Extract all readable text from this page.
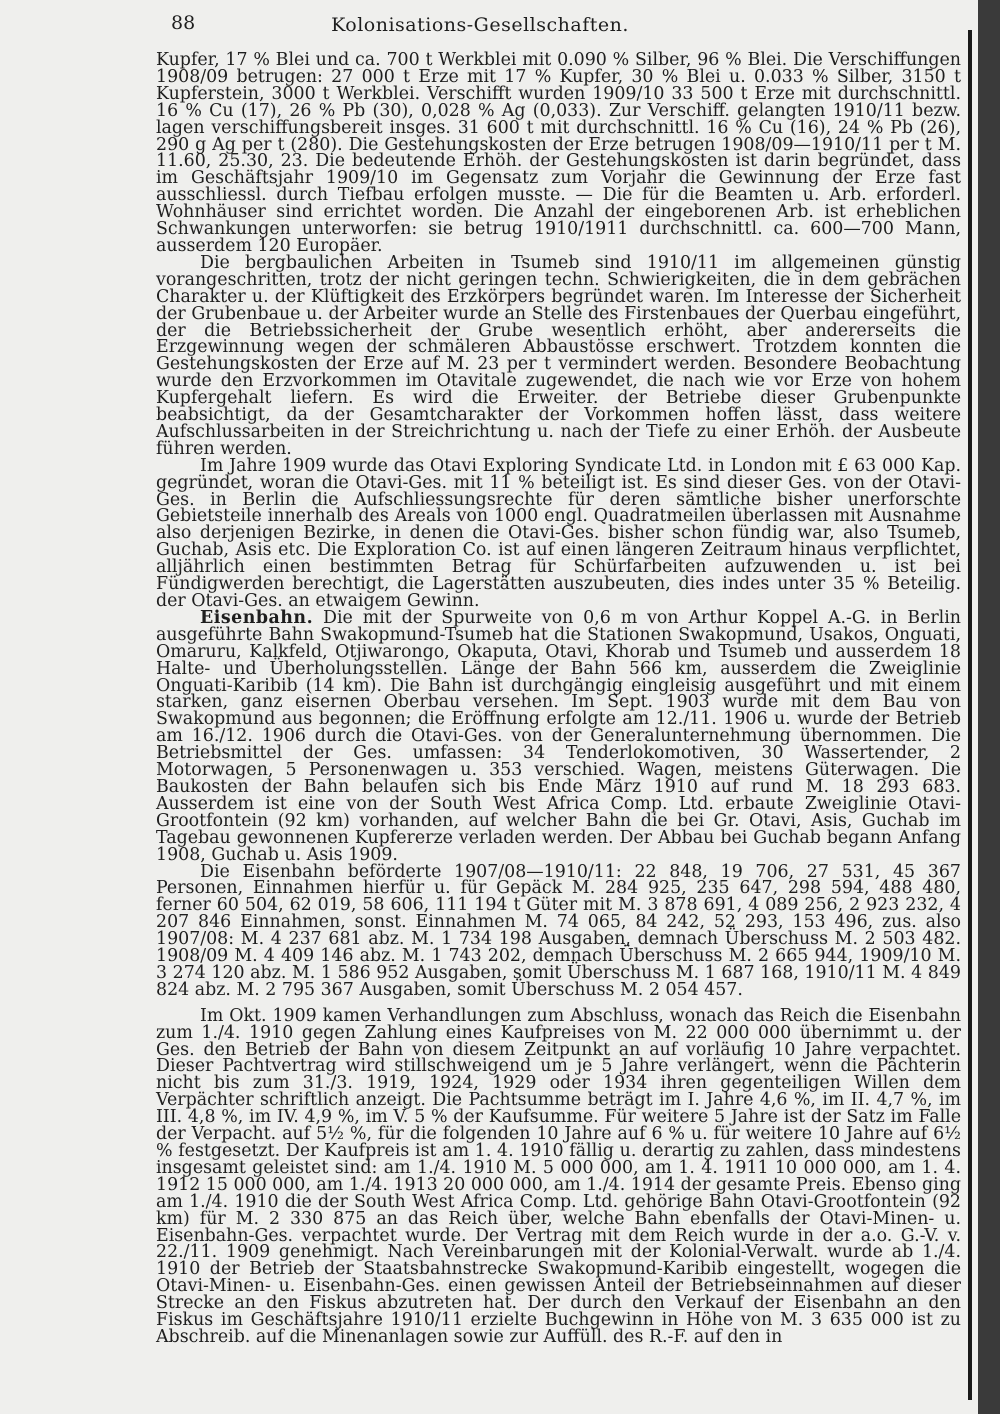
88	Kolonisations-Gesellschaften.

Kupfer, 17 % Blei und ca. 700 t Werkblei mit 0.090 % Silber, 96 % Blei. Die Verschiffungen 1908/09 betrugen: 27 000 t Erze mit 17 % Kupfer, 30 % Blei u. 0.033 % Silber, 3150 t Kupferstein, 3000 t Werkblei. Verschifft wurden 1909/10 33 500 t Erze mit durchschnittl. 16 % Cu (17), 26 % Pb (30), 0,028 % Ag (0,033). Zur Verschiff. gelangten 1910/11 bezw. lagen verschiffungsbereit insges. 31 600 t mit durchschnittl. 16 % Cu (16), 24 % Pb (26), 290 g Ag per t (280). Die Gestehungskosten der Erze betrugen 1908/09—1910/11 per t M. 11.60, 25.30, 23. Die bedeutende Erhöh. der Gestehungskosten ist darin begründet, dass im Geschäftsjahr 1909/10 im Gegensatz zum Vorjahr die Gewinnung der Erze fast ausschliessl. durch Tiefbau erfolgen musste. — Die für die Beamten u. Arb. erforderl. Wohnhäuser sind errichtet worden. Die Anzahl der eingeborenen Arb. ist erheblichen Schwankungen unterworfen: sie betrug 1910/1911 durchschnittl. ca. 600—700 Mann, ausserdem 120 Europäer.

Die bergbaulichen Arbeiten in Tsumeb sind 1910/11 im allgemeinen günstig vorangeschritten, trotz der nicht geringen techn. Schwierigkeiten, die in dem gebrächen Charakter u. der Klüftigkeit des Erzkörpers begründet waren. Im Interesse der Sicherheit der Grubenbaue u. der Arbeiter wurde an Stelle des Firstenbaues der Querbau eingeführt, der die Betriebssicherheit der Grube wesentlich erhöht, aber andererseits die Erzgewinnung wegen der schmäleren Abbaustösse erschwert. Trotzdem konnten die Gestehungskosten der Erze auf M. 23 per t vermindert werden. Besondere Beobachtung wurde den Erzvorkommen im Otavitale zugewendet, die nach wie vor Erze von hohem Kupfergehalt liefern. Es wird die Erweiter. der Betriebe dieser Grubenpunkte beabsichtigt, da der Gesamtcharakter der Vorkommen hoffen lässt, dass weitere Aufschlussarbeiten in der Streichrichtung u. nach der Tiefe zu einer Erhöh. der Ausbeute führen werden.

Im Jahre 1909 wurde das Otavi Exploring Syndicate Ltd. in London mit £ 63 000 Kap. gegründet, woran die Otavi-Ges. mit 11 % beteiligt ist. Es sind dieser Ges. von der Otavi-Ges. in Berlin die Aufschliessungsrechte für deren sämtliche bisher unerforschte Gebietsteile innerhalb des Areals von 1000 engl. Quadratmeilen überlassen mit Ausnahme also derjenigen Bezirke, in denen die Otavi-Ges. bisher schon fündig war, also Tsumeb, Guchab, Asis etc. Die Exploration Co. ist auf einen längeren Zeitraum hinaus verpflichtet, alljährlich einen bestimmten Betrag für Schürfarbeiten aufzuwenden u. ist bei Fündigwerden berechtigt, die Lagerstätten auszubeuten, dies indes unter 35 % Beteilig. der Otavi-Ges. an etwaigem Gewinn.

Eisenbahn. Die mit der Spurweite von 0,6 m von Arthur Koppel A.-G. in Berlin ausgeführte Bahn Swakopmund-Tsumeb hat die Stationen Swakopmund, Usakos, Onguati, Omaruru, Kalkfeld, Otjiwarongo, Okaputa, Otavi, Khorab und Tsumeb und ausserdem 18 Halte- und Überholungsstellen. Länge der Bahn 566 km, ausserdem die Zweiglinie Onguati-Karibib (14 km). Die Bahn ist durchgängig eingleisig ausgeführt und mit einem starken, ganz eisernen Oberbau versehen. Im Sept. 1903 wurde mit dem Bau von Swakopmund aus begonnen; die Eröffnung erfolgte am 12./11. 1906 u. wurde der Betrieb am 16./12. 1906 durch die Otavi-Ges. von der Generalunternehmung übernommen. Die Betriebsmittel der Ges. umfassen: 34 Tenderlokomotiven, 30 Wassertender, 2 Motorwagen, 5 Personenwagen u. 353 verschied. Wagen, meistens Güterwagen. Die Baukosten der Bahn belaufen sich bis Ende März 1910 auf rund M. 18 293 683. Ausserdem ist eine von der South West Africa Comp. Ltd. erbaute Zweiglinie Otavi-Grootfontein (92 km) vorhanden, auf welcher Bahn die bei Gr. Otavi, Asis, Guchab im Tagebau gewonnenen Kupfererze verladen werden. Der Abbau bei Guchab begann Anfang 1908, Guchab u. Asis 1909.

Die Eisenbahn beförderte 1907/08—1910/11: 22 848, 19 706, 27 531, 45 367 Personen, Einnahmen hierfür u. für Gepäck M. 284 925, 235 647, 298 594, 488 480, ferner 60 504, 62 019, 58 606, 111 194 t Güter mit M. 3 878 691, 4 089 256, 2 923 232, 4 207 846 Einnahmen, sonst. Einnahmen M. 74 065, 84 242, 52 293, 153 496, zus. also 1907/08: M. 4 237 681 abz. M. 1 734 198 Ausgaben, demnach Überschuss M. 2 503 482. 1908/09 M. 4 409 146 abz. M. 1 743 202, demnach Überschuss M. 2 665 944, 1909/10 M. 3 274 120 abz. M. 1 586 952 Ausgaben, somit Überschuss M. 1 687 168, 1910/11 M. 4 849 824 abz. M. 2 795 367 Ausgaben, somit Überschuss M. 2 054 457.

Im Okt. 1909 kamen Verhandlungen zum Abschluss, wonach das Reich die Eisenbahn zum 1./4. 1910 gegen Zahlung eines Kaufpreises von M. 22 000 000 übernimmt u. der Ges. den Betrieb der Bahn von diesem Zeitpunkt an auf vorläufig 10 Jahre verpachtet. Dieser Pachtvertrag wird stillschweigend um je 5 Jahre verlängert, wenn die Pächterin nicht bis zum 31./3. 1919, 1924, 1929 oder 1934 ihren gegenteiligen Willen dem Verpächter schriftlich anzeigt. Die Pachtsumme beträgt im I. Jahre 4,6 %, im II. 4,7 %, im III. 4,8 %, im IV. 4,9 %, im V. 5 % der Kaufsumme. Für weitere 5 Jahre ist der Satz im Falle der Verpacht. auf 5½ %, für die folgenden 10 Jahre auf 6 % u. für weitere 10 Jahre auf 6½ % festgesetzt. Der Kaufpreis ist am 1. 4. 1910 fällig u. derartig zu zahlen, dass mindestens insgesamt geleistet sind: am 1./4. 1910 M. 5 000 000, am 1. 4. 1911 10 000 000, am 1. 4. 1912 15 000 000, am 1./4. 1913 20 000 000, am 1./4. 1914 der gesamte Preis. Ebenso ging am 1./4. 1910 die der South West Africa Comp. Ltd. gehörige Bahn Otavi-Grootfontein (92 km) für M. 2 330 875 an das Reich über, welche Bahn ebenfalls der Otavi-Minen- u. Eisenbahn-Ges. verpachtet wurde. Der Vertrag mit dem Reich wurde in der a.o. G.-V. v. 22./11. 1909 genehmigt. Nach Vereinbarungen mit der Kolonial-Verwalt. wurde ab 1./4. 1910 der Betrieb der Staatsbahnstrecke Swakopmund-Karibib eingestellt, wogegen die Otavi-Minen- u. Eisenbahn-Ges. einen gewissen Anteil der Betriebseinnahmen auf dieser Strecke an den Fiskus abzutreten hat. Der durch den Verkauf der Eisenbahn an den Fiskus im Geschäftsjahre 1910/11 erzielte Buchgewinn in Höhe von M. 3 635 000 ist zu Abschreib. auf die Minenanlagen sowie zur Auffüll. des R.-F. auf den in
